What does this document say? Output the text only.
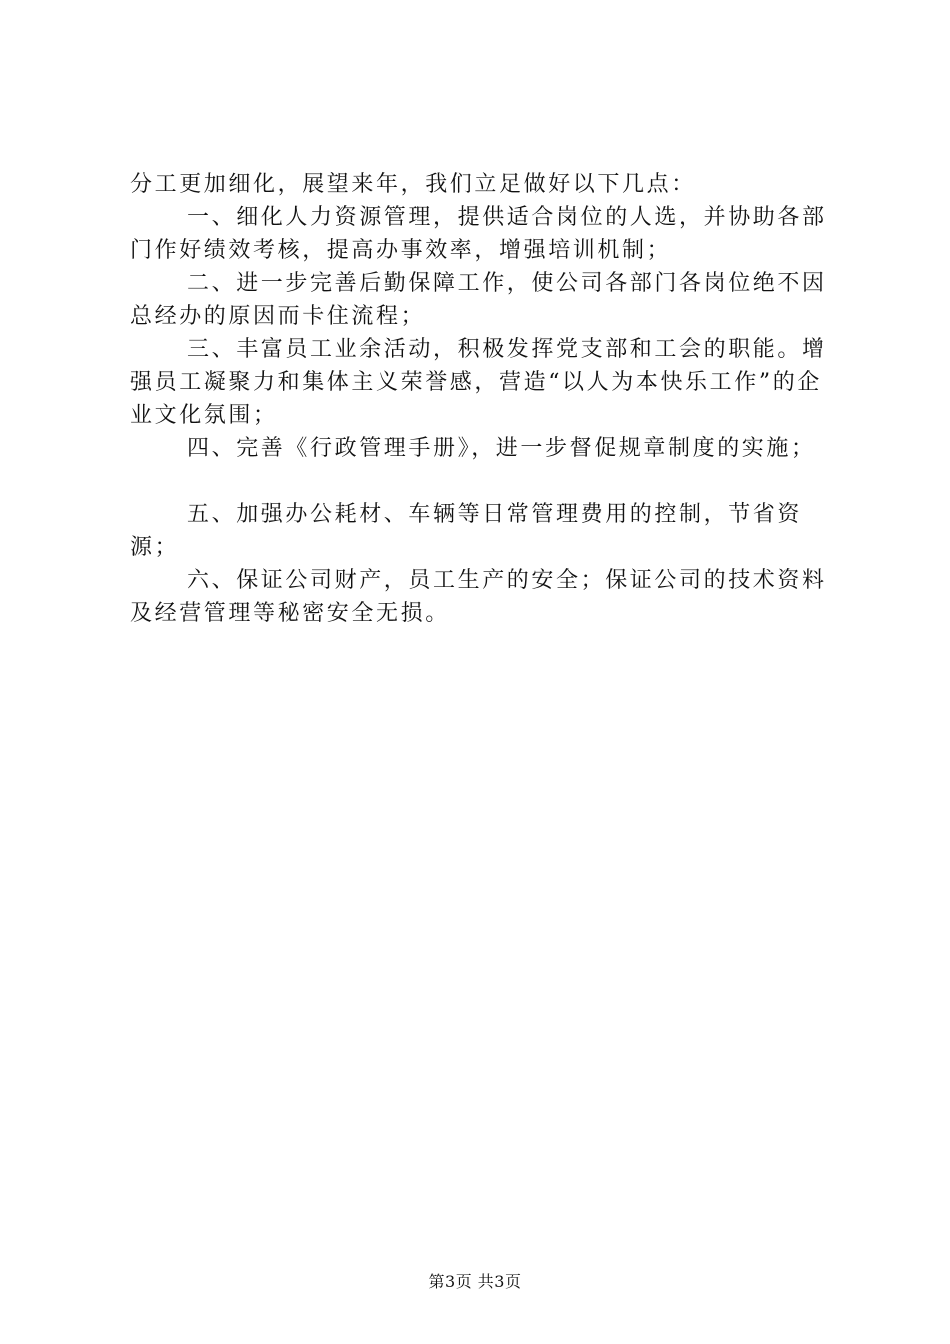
分工更加细化，展望来年，我们立足做好以下几点：

一、细化人力资源管理，提供适合岗位的人选，并协助各部门作好绩效考核，提高办事效率，增强培训机制；

二、进一步完善后勤保障工作，使公司各部门各岗位绝不因总经办的原因而卡住流程；

三、丰富员工业余活动，积极发挥党支部和工会的职能。增强员工凝聚力和集体主义荣誉感，营造“以人为本快乐工作”的企业文化氛围；

四、完善《行政管理手册》，进一步督促规章制度的实施；

五、加强办公耗材、车辆等日常管理费用的控制，节省资源；

六、保证公司财产，员工生产的安全；保证公司的技术资料及经营管理等秘密安全无损。

第3页 共3页
